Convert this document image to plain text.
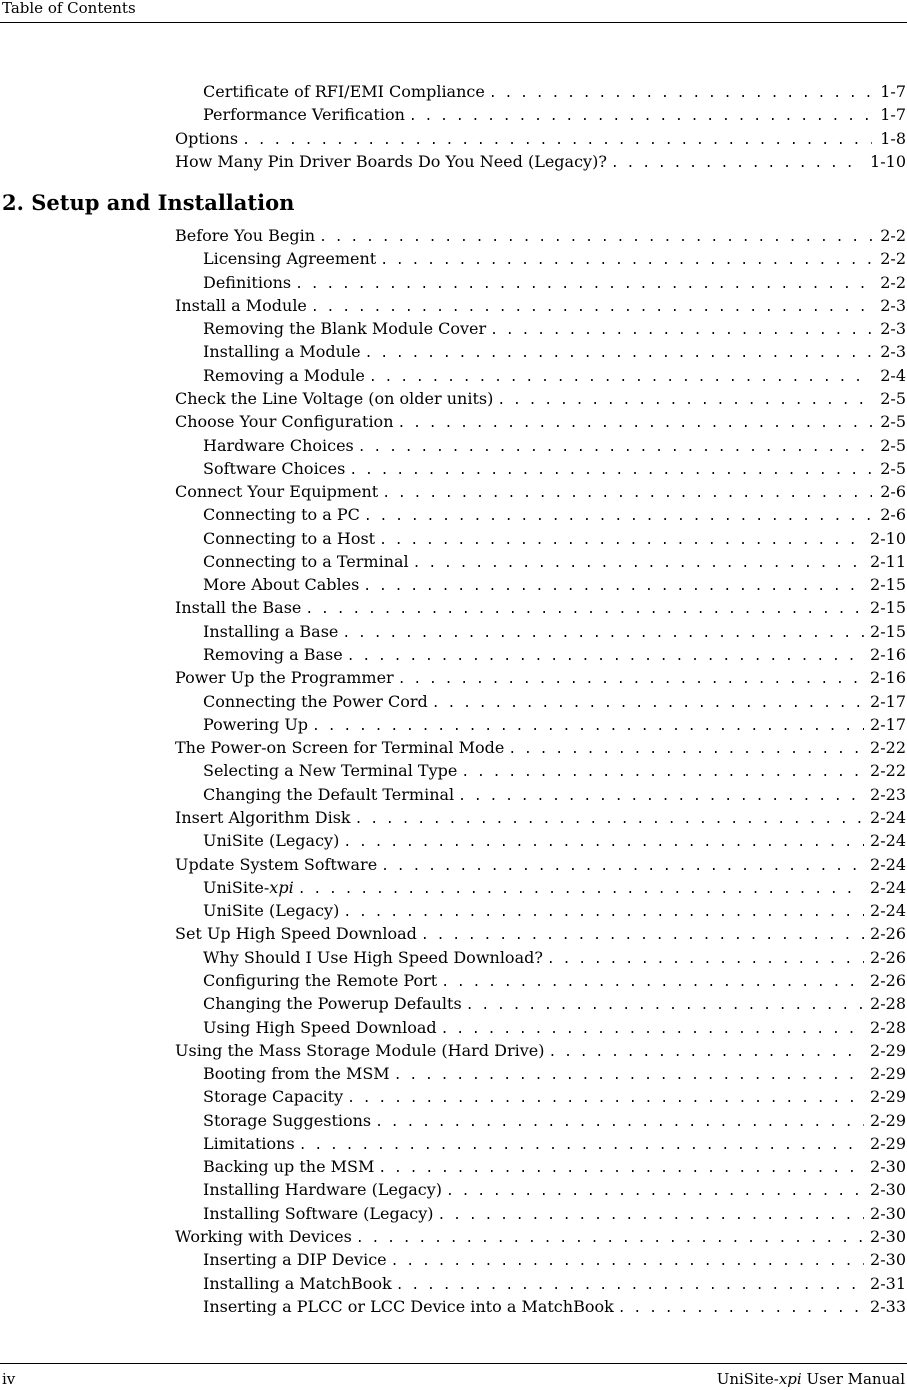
Table of Contents
Certificate of RFI/EMI Compliance . . .	1-7
Performance Verification . . .	1-7
Options . . .	1-8
How Many Pin Driver Boards Do You Need (Legacy)? . . .	1-10
2. Setup and Installation
Before You Begin . . .	2-2
Licensing Agreement . . .	2-2
Definitions . . .	2-2
Install a Module . . .	2-3
Removing the Blank Module Cover . . .	2-3
Installing a Module . . .	2-3
Removing a Module . . .	2-4
Check the Line Voltage (on older units) . . .	2-5
Choose Your Configuration . . .	2-5
Hardware Choices . . .	2-5
Software Choices . . .	2-5
Connect Your Equipment . . .	2-6
Connecting to a PC . . .	2-6
Connecting to a Host . . .	2-10
Connecting to a Terminal . . .	2-11
More About Cables . . .	2-15
Install the Base . . .	2-15
Installing a Base . . .	2-15
Removing a Base . . .	2-16
Power Up the Programmer . . .	2-16
Connecting the Power Cord . . .	2-17
Powering Up . . .	2-17
The Power-on Screen for Terminal Mode . . .	2-22
Selecting a New Terminal Type . . .	2-22
Changing the Default Terminal . . .	2-23
Insert Algorithm Disk . . .	2-24
UniSite (Legacy) . . .	2-24
Update System Software . . .	2-24
UniSite-xpi . . .	2-24
UniSite (Legacy) . . .	2-24
Set Up High Speed Download . . .	2-26
Why Should I Use High Speed Download? . . .	2-26
Configuring the Remote Port . . .	2-26
Changing the Powerup Defaults . . .	2-28
Using High Speed Download . . .	2-28
Using the Mass Storage Module (Hard Drive) . . .	2-29
Booting from the MSM . . .	2-29
Storage Capacity . . .	2-29
Storage Suggestions . . .	2-29
Limitations . . .	2-29
Backing up the MSM . . .	2-30
Installing Hardware (Legacy) . . .	2-30
Installing Software (Legacy) . . .	2-30
Working with Devices . . .	2-30
Inserting a DIP Device . . .	2-30
Installing a MatchBook . . .	2-31
Inserting a PLCC or LCC Device into a MatchBook . . .	2-33
iv	UniSite-xpi User Manual
